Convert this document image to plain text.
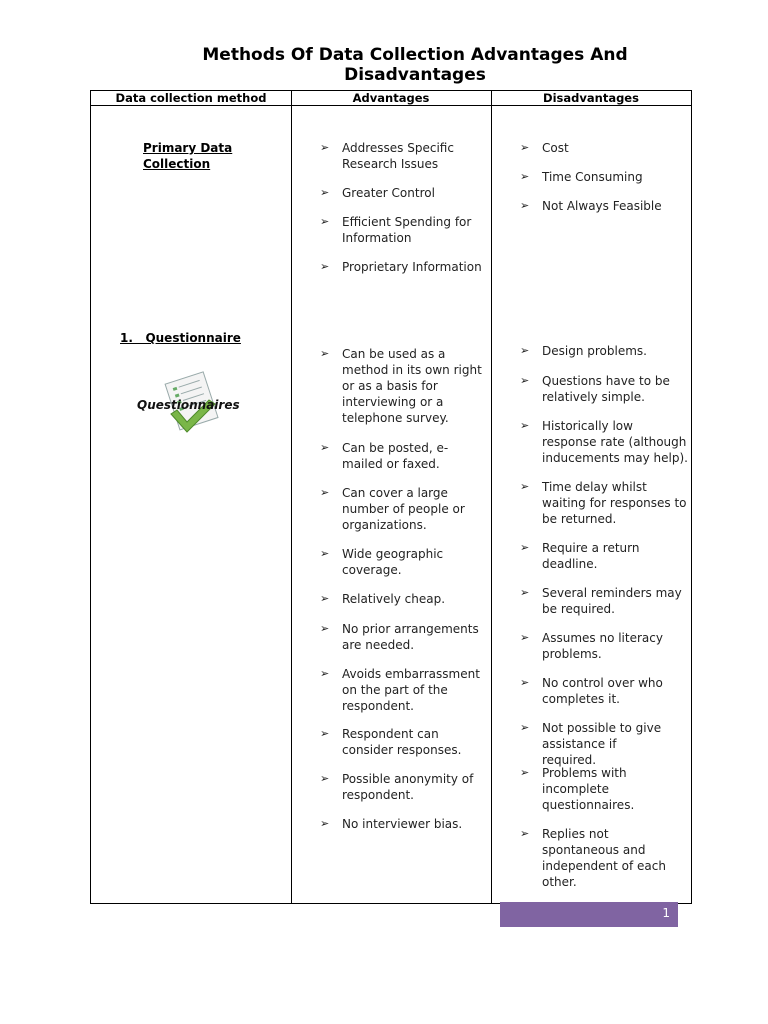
Methods Of Data Collection Advantages And Disadvantages
Data collection method	Advantages	Disadvantages
Primary Data Collection
➢ Addresses Specific Research Issues
➢ Greater Control
➢ Efficient Spending for Information
➢ Proprietary Information
➢ Cost
➢ Time Consuming
➢ Not Always Feasible
1.   Questionnaire
Questionnaires
➢ Can be used as a method in its own right or as a basis for interviewing or a telephone survey.
➢ Can be posted, e-mailed or faxed.
➢ Can cover a large number of people or organizations.
➢ Wide geographic coverage.
➢ Relatively cheap.
➢ No prior arrangements are needed.
➢ Avoids embarrassment on the part of the respondent.
➢ Respondent can consider responses.
➢ Possible anonymity of respondent.
➢ No interviewer bias.
➢ Design problems.
➢ Questions have to be relatively simple.
➢ Historically low response rate (although inducements may help).
➢ Time delay whilst waiting for responses to be returned.
➢ Require a return deadline.
➢ Several reminders may be required.
➢ Assumes no literacy problems.
➢ No control over who completes it.
➢ Not possible to give assistance if required.
➢ Problems with incomplete questionnaires.
➢ Replies not spontaneous and independent of each other.
1
